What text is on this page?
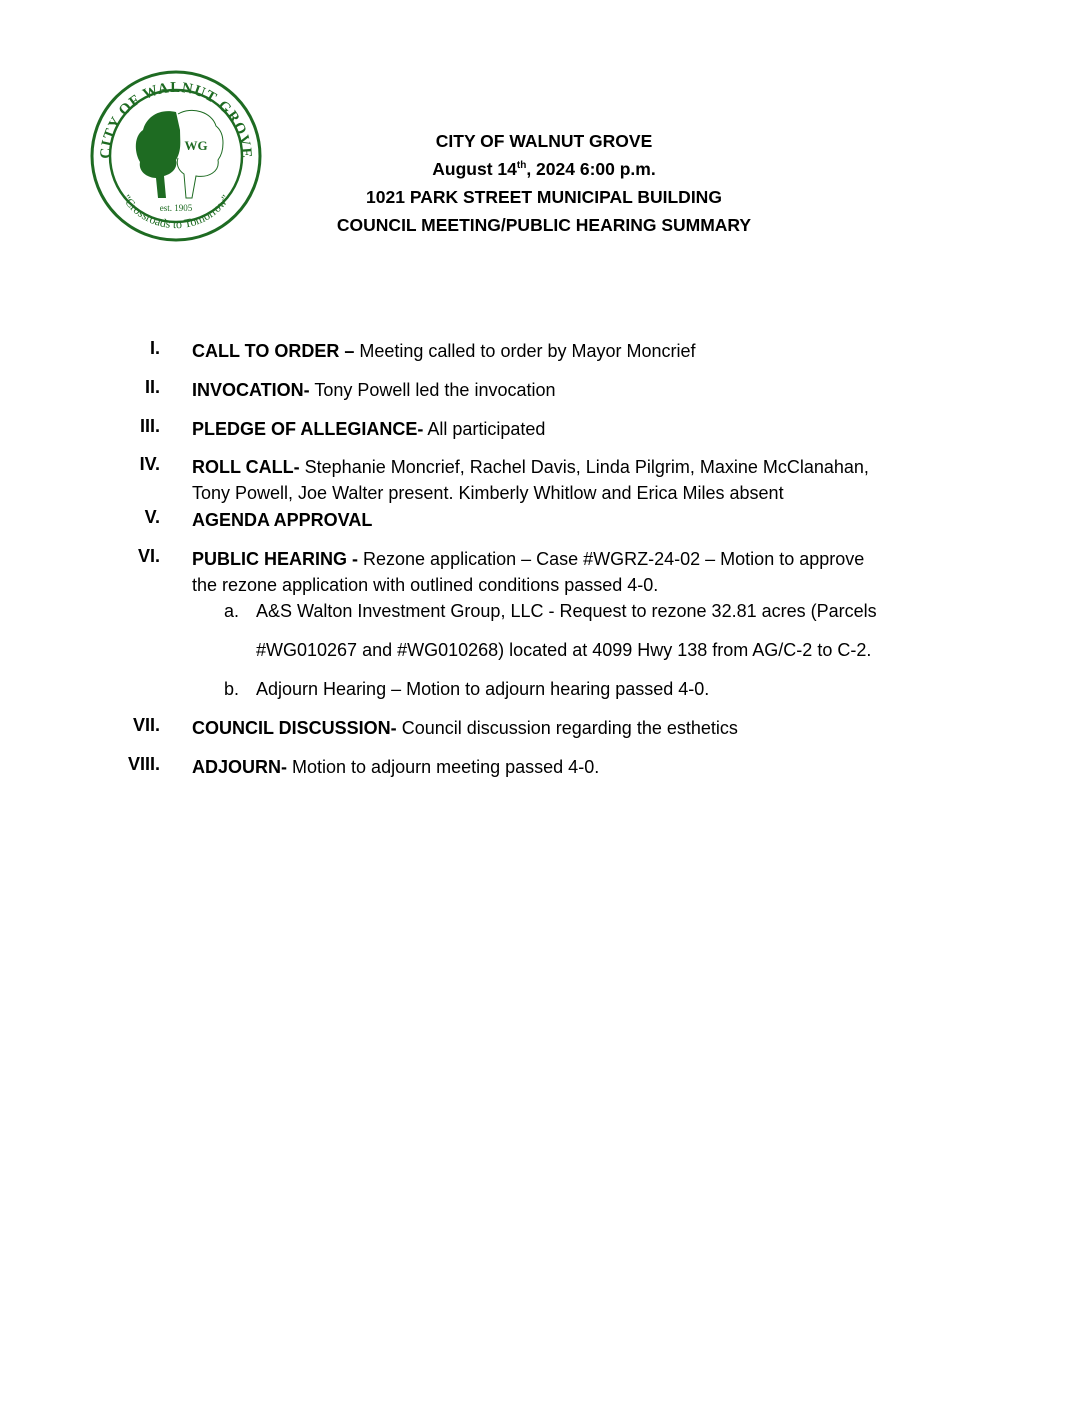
CITY OF WALNUT GROVE
"Crossroads to Tomorrow"
WG
est. 1905
CITY OF WALNUT GROVE
August 14th, 2024 6:00 p.m.
1021 PARK STREET MUNICIPAL BUILDING
COUNCIL MEETING/PUBLIC HEARING SUMMARY
I. CALL TO ORDER – Meeting called to order by Mayor Moncrief
II. INVOCATION- Tony Powell led the invocation
III. PLEDGE OF ALLEGIANCE- All participated
IV. ROLL CALL- Stephanie Moncrief, Rachel Davis, Linda Pilgrim, Maxine McClanahan,
Tony Powell, Joe Walter present. Kimberly Whitlow and Erica Miles absent
V. AGENDA APPROVAL
VI. PUBLIC HEARING - Rezone application – Case #WGRZ-24-02 – Motion to approve
the rezone application with outlined conditions passed 4-0.
a. A&S Walton Investment Group, LLC - Request to rezone 32.81 acres (Parcels
#WG010267 and #WG010268) located at 4099 Hwy 138 from AG/C-2 to C-2.
b. Adjourn Hearing – Motion to adjourn hearing passed 4-0.
VII. COUNCIL DISCUSSION- Council discussion regarding the esthetics
VIII. ADJOURN- Motion to adjourn meeting passed 4-0.
